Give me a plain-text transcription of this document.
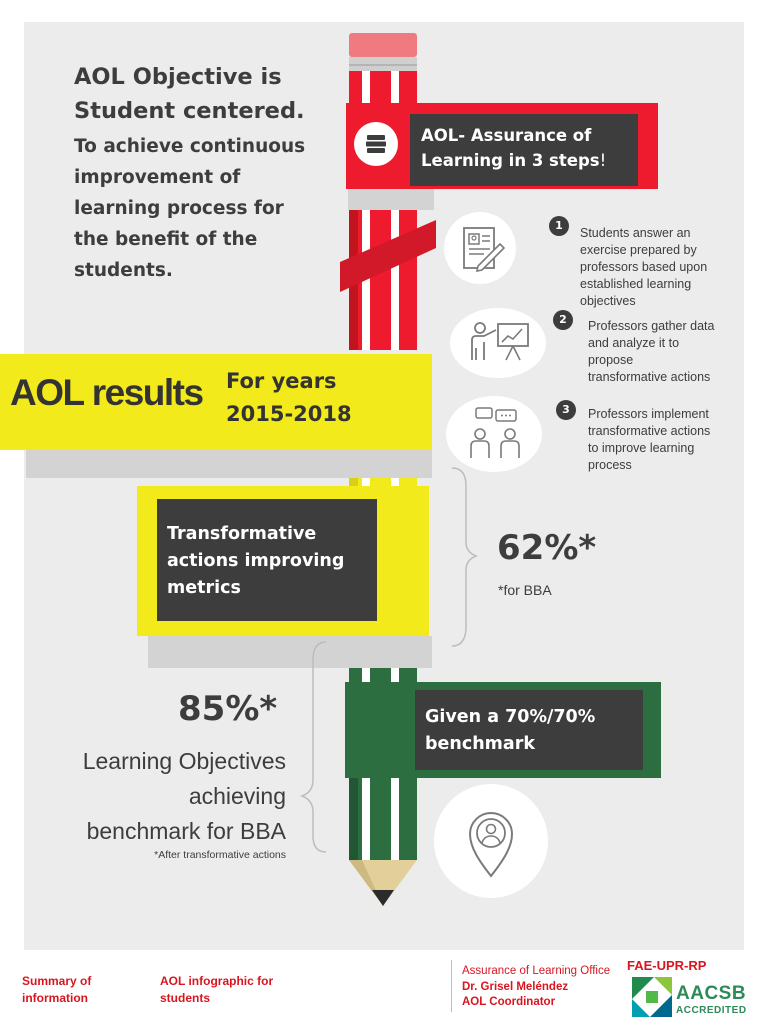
AOL Objective is
Student centered.
To achieve continuous
improvement of
learning process for
the benefit of the
students.
AOL- Assurance of
Learning in 3 steps!
1
Students answer an
exercise prepared by
professors based upon
established learning
objectives
2	Professors gather data
and analyze it to
propose
transformative actions
3	Professors implement
transformative actions
to improve learning
process
AOL results For years
2015-2018
Transformative
actions improving
metrics
62%*
*for BBA
Given a 70%/70%
benchmark
85%*
Learning Objectives
achieving
benchmark for BBA
*After transformative actions
Summary of
information
AOL infographic for
students
Assurance of Learning Office
Dr. Grisel Meléndez
AOL Coordinator
FAE-UPR-RP
AACSB
ACCREDITED
